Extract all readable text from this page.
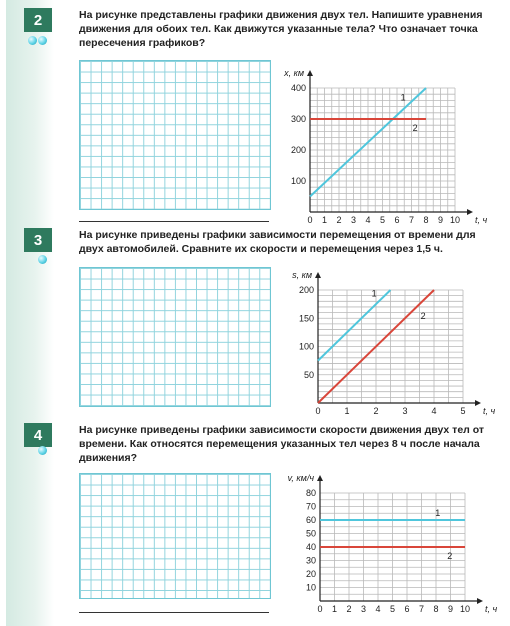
2	На рисунке представлены графики движения двух тел. Напишите уравнения движения для обоих тел. Как движутся указанные тела? Что означает точка пересечения графиков?
0 1 2 3 4 5 6 7 8 9 10
100
200
300
400
t, ч
x, км
1
2
3	На рисунке приведены графики зависимости перемещения от времени для двух автомобилей. Сравните их скорости и перемещения через 1,5 ч.
0	1	2	3	4	5
50
100
150
200
t, ч
s, км
1
2
4	На рисунке приведены графики зависимости скорости движения двух тел от времени. Как относятся перемещения указанных тел через 8 ч после начала движения?
0 1 2 3 4 5 6 7 8 9 10
10
20
30
40
50
60
70
80
t, ч
v, км/ч
1
2
